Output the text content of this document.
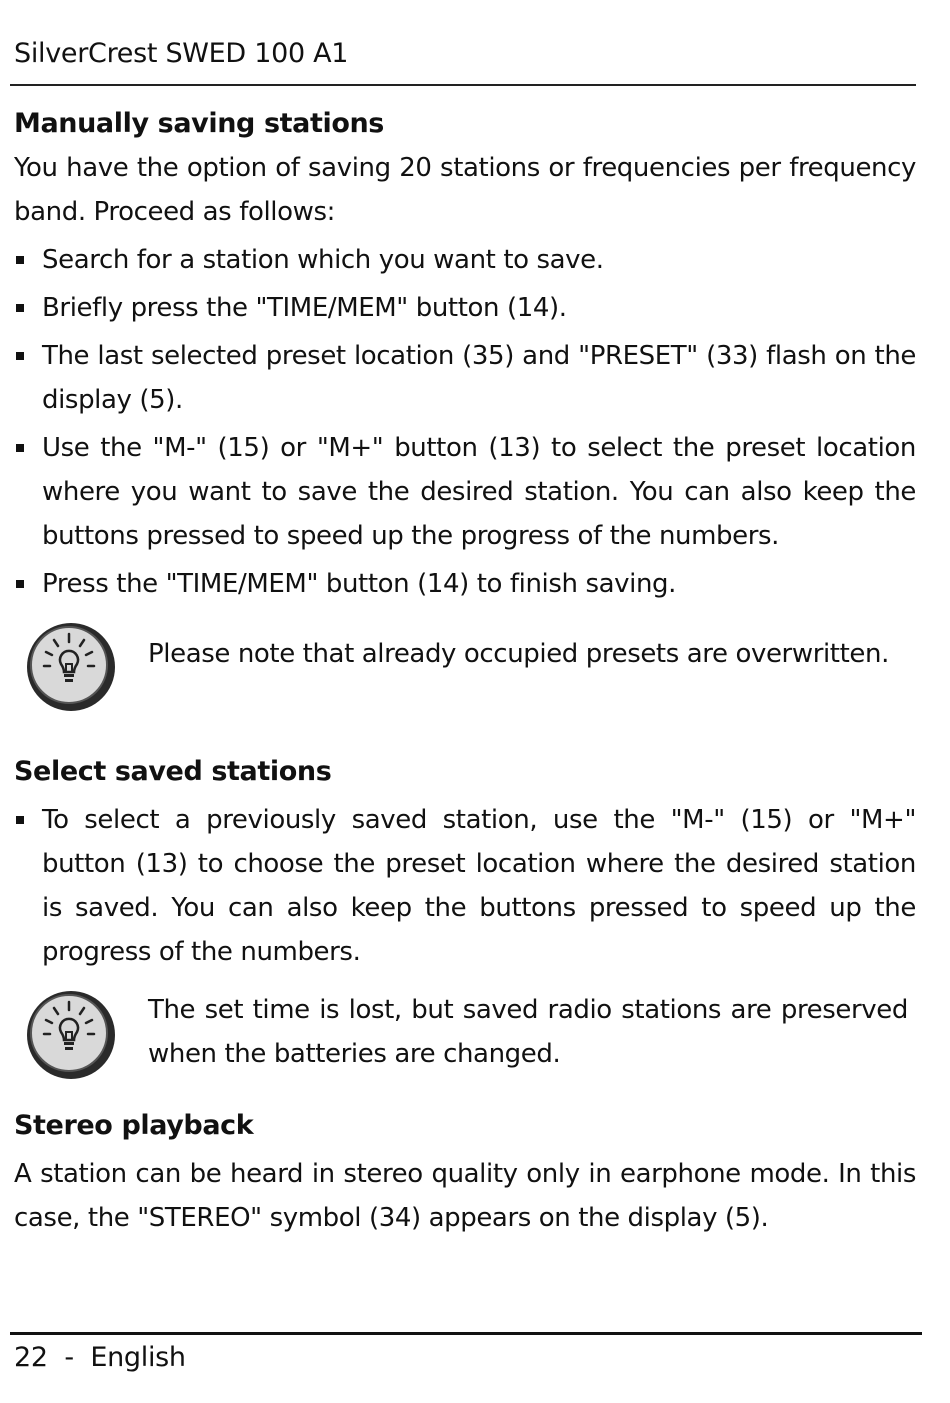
SilverCrest SWED 100 A1
Manually saving stations

You have the option of saving 20 stations or frequencies per frequency band. Proceed as follows:

Search for a station which you want to save.
Briefly press the "TIME/MEM" button (14).
The last selected preset location (35) and "PRESET" (33) flash on the display (5).
Use the "M-" (15) or "M+" button (13) to select the preset location where you want to save the desired station. You can also keep the buttons pressed to speed up the progress of the numbers.
Press the "TIME/MEM" button (14) to finish saving.
Please note that already occupied presets are overwritten.
Select saved stations
To select a previously saved station, use the "M-" (15) or "M+" button (13) to choose the preset location where the desired station is saved. You can also keep the buttons pressed to speed up the progress of the numbers.
The set time is lost, but saved radio stations are preserved when the batteries are changed.
Stereo playback

A station can be heard in stereo quality only in earphone mode. In this case, the "STEREO" symbol (34) appears on the display (5).

22  -  English
